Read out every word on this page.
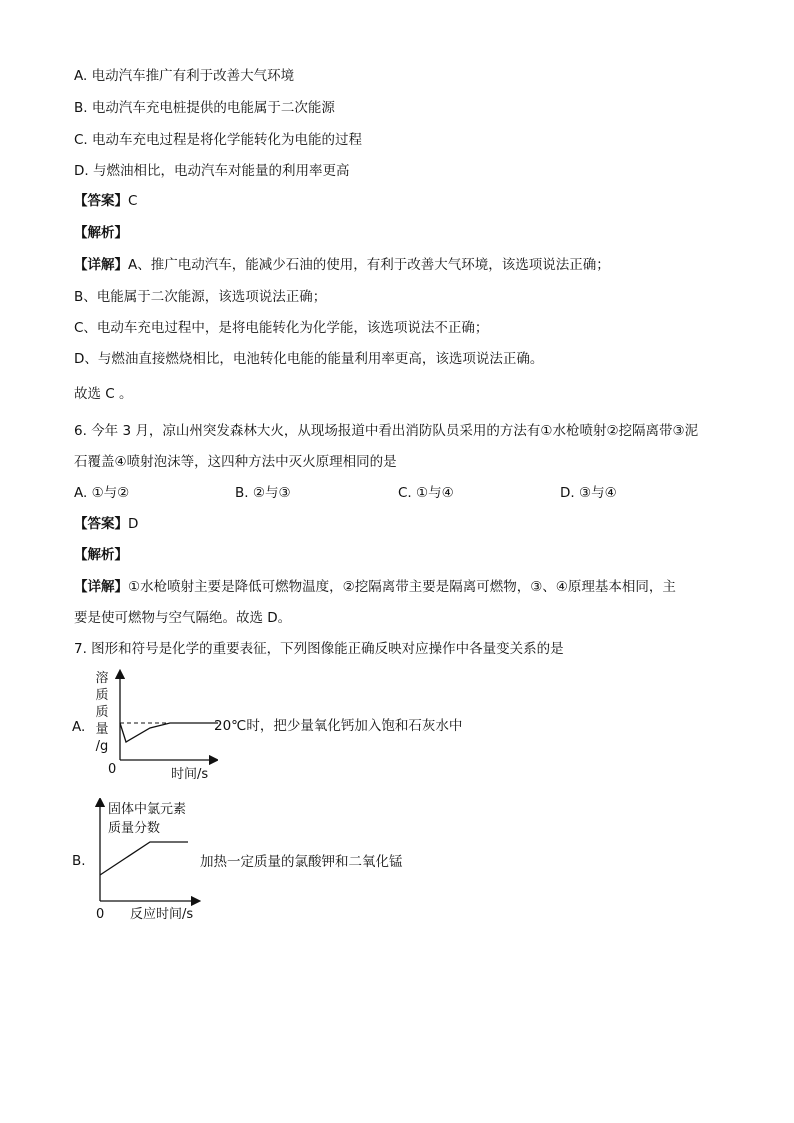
A. 电动汽车推广有利于改善大气环境
B. 电动汽车充电桩提供的电能属于二次能源
C. 电动车充电过程是将化学能转化为电能的过程
D. 与燃油相比，电动汽车对能量的利用率更高
【答案】C
【解析】
【详解】A、推广电动汽车，能减少石油的使用，有利于改善大气环境，该选项说法正确；
B、电能属于二次能源，该选项说法正确；
C、电动车充电过程中，是将电能转化为化学能，该选项说法不正确；
D、与燃油直接燃烧相比，电池转化电能的能量利用率更高，该选项说法正确。
故选 C 。
6. 今年 3 月，凉山州突发森林大火，从现场报道中看出消防队员采用的方法有①水枪喷射②挖隔离带③泥
石覆盖④喷射泡沫等，这四种方法中灭火原理相同的是
A. ①与②	B. ②与③	C. ①与④	D. ③与④
【答案】D
【解析】
【详解】①水枪喷射主要是降低可燃物温度，②挖隔离带主要是隔离可燃物，③、④原理基本相同，主
要是使可燃物与空气隔绝。故选 D。
7. 图形和符号是化学的重要表征，下列图像能正确反映对应操作中各量变关系的是
A.
溶
质
质
量
/g
0	时间/s
20℃时，把少量氧化钙加入饱和石灰水中
B.
固体中氯元素
质量分数
0 反应时间/s
加热一定质量的氯酸钾和二氧化锰
